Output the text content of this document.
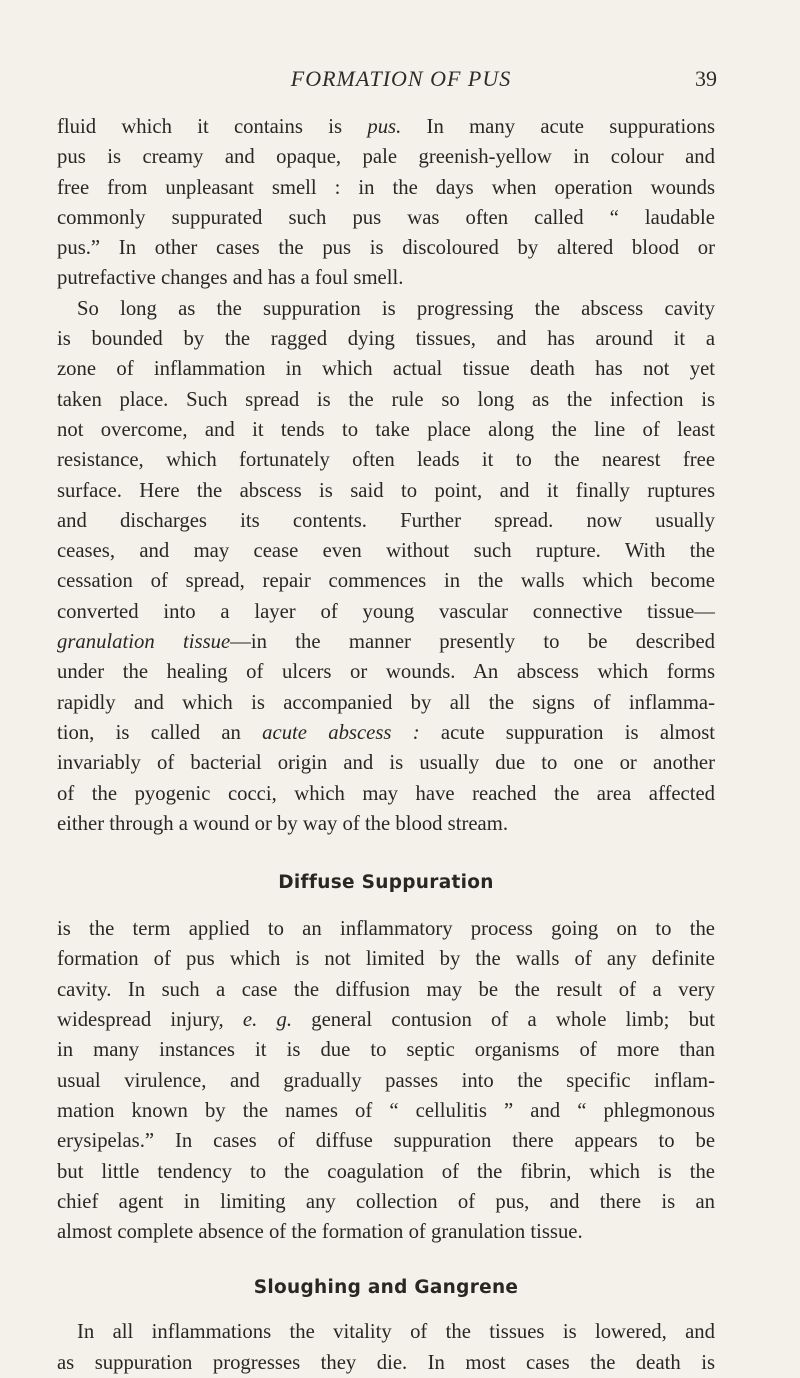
FORMATION OF PUS	39
fluid which it contains is pus. In many acute suppurations
pus is creamy and opaque, pale greenish-yellow in colour and
free from unpleasant smell : in the days when operation wounds
commonly suppurated such pus was often called “ laudable
pus.” In other cases the pus is discoloured by altered blood or
putrefactive changes and has a foul smell.
So long as the suppuration is progressing the abscess cavity
is bounded by the ragged dying tissues, and has around it a
zone of inflammation in which actual tissue death has not yet
taken place. Such spread is the rule so long as the infection is
not overcome, and it tends to take place along the line of least
resistance, which fortunately often leads it to the nearest free
surface. Here the abscess is said to point, and it finally ruptures
and discharges its contents. Further spread. now usually
ceases, and may cease even without such rupture. With the
cessation of spread, repair commences in the walls which become
converted into a layer of young vascular connective tissue—
granulation tissue—in the manner presently to be described
under the healing of ulcers or wounds. An abscess which forms
rapidly and which is accompanied by all the signs of inflamma-
tion, is called an acute abscess : acute suppuration is almost
invariably of bacterial origin and is usually due to one or another
of the pyogenic cocci, which may have reached the area affected
either through a wound or by way of the blood stream.
Diffuse Suppuration
is the term applied to an inflammatory process going on to the
formation of pus which is not limited by the walls of any definite
cavity. In such a case the diffusion may be the result of a very
widespread injury, e. g. general contusion of a whole limb; but
in many instances it is due to septic organisms of more than
usual virulence, and gradually passes into the specific inflam-
mation known by the names of “ cellulitis ” and “ phlegmonous
erysipelas.” In cases of diffuse suppuration there appears to be
but little tendency to the coagulation of the fibrin, which is the
chief agent in limiting any collection of pus, and there is an
almost complete absence of the formation of granulation tissue.
Sloughing and Gangrene
In all inflammations the vitality of the tissues is lowered, and
as suppuration progresses they die. In most cases the death is
